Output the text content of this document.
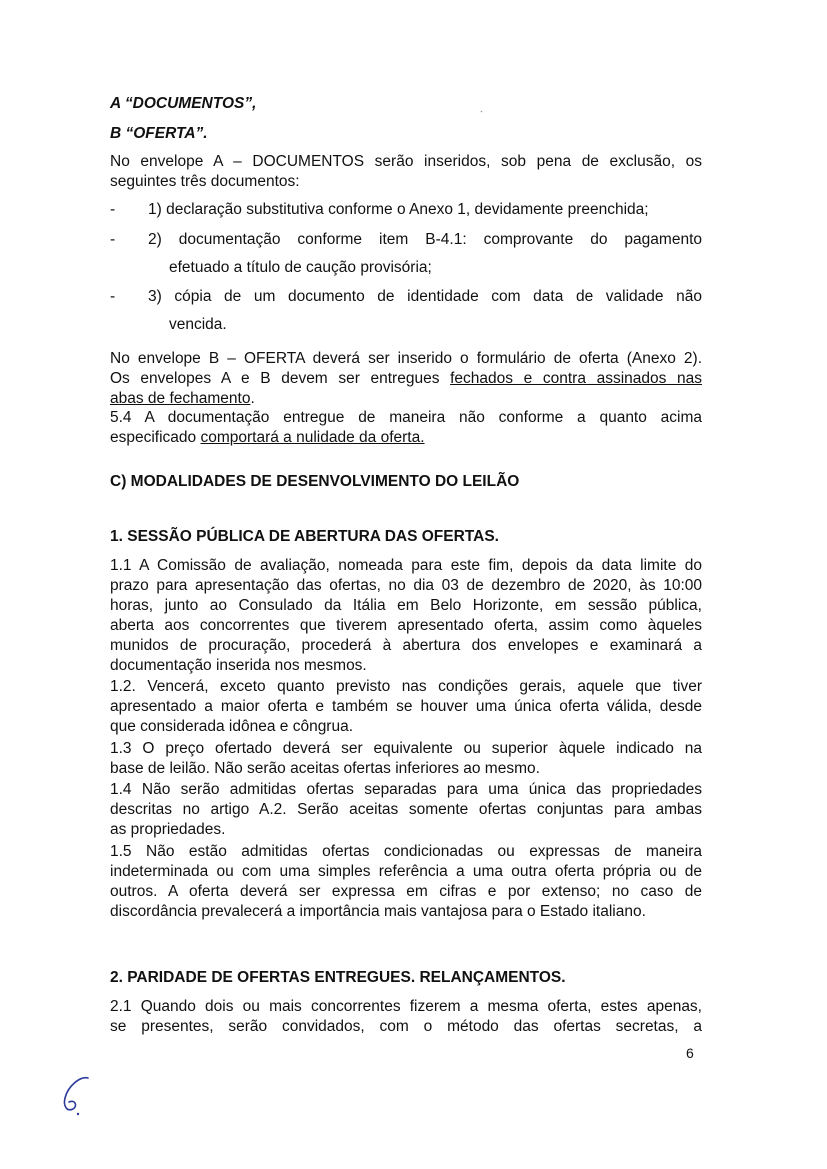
A “DOCUMENTOS”,
B “OFERTA”.
No envelope A – DOCUMENTOS serão inseridos, sob pena de exclusão, os
seguintes três documentos:
- 1) declaração substitutiva conforme o Anexo 1, devidamente preenchida;
- 2) documentação conforme item B-4.1: comprovante do pagamento
efetuado a título de caução provisória;
- 3) cópia de um documento de identidade com data de validade não
vencida.
No envelope B – OFERTA deverá ser inserido o formulário de oferta (Anexo 2).
Os envelopes A e B devem ser entregues fechados e contra assinados nas
abas de fechamento.
5.4 A documentação entregue de maneira não conforme a quanto acima
especificado comportará a nulidade da oferta.
C) MODALIDADES DE DESENVOLVIMENTO DO LEILÃO
1. SESSÃO PÚBLICA DE ABERTURA DAS OFERTAS.
1.1 A Comissão de avaliação, nomeada para este fim, depois da data limite do
prazo para apresentação das ofertas, no dia 03 de dezembro de 2020, às 10:00
horas, junto ao Consulado da Itália em Belo Horizonte, em sessão pública,
aberta aos concorrentes que tiverem apresentado oferta, assim como àqueles
munidos de procuração, procederá à abertura dos envelopes e examinará a
documentação inserida nos mesmos.
1.2. Vencerá, exceto quanto previsto nas condições gerais, aquele que tiver
apresentado a maior oferta e também se houver uma única oferta válida, desde
que considerada idônea e côngrua.
1.3 O preço ofertado deverá ser equivalente ou superior àquele indicado na
base de leilão. Não serão aceitas ofertas inferiores ao mesmo.
1.4 Não serão admitidas ofertas separadas para uma única das propriedades
descritas no artigo A.2. Serão aceitas somente ofertas conjuntas para ambas
as propriedades.
1.5 Não estão admitidas ofertas condicionadas ou expressas de maneira
indeterminada ou com uma simples referência a uma outra oferta própria ou de
outros. A oferta deverá ser expressa em cifras e por extenso; no caso de
discordância prevalecerá a importância mais vantajosa para o Estado italiano.
2. PARIDADE DE OFERTAS ENTREGUES. RELANÇAMENTOS.
2.1 Quando dois ou mais concorrentes fizerem a mesma oferta, estes apenas,
se presentes, serão convidados, com o método das ofertas secretas, a
6
